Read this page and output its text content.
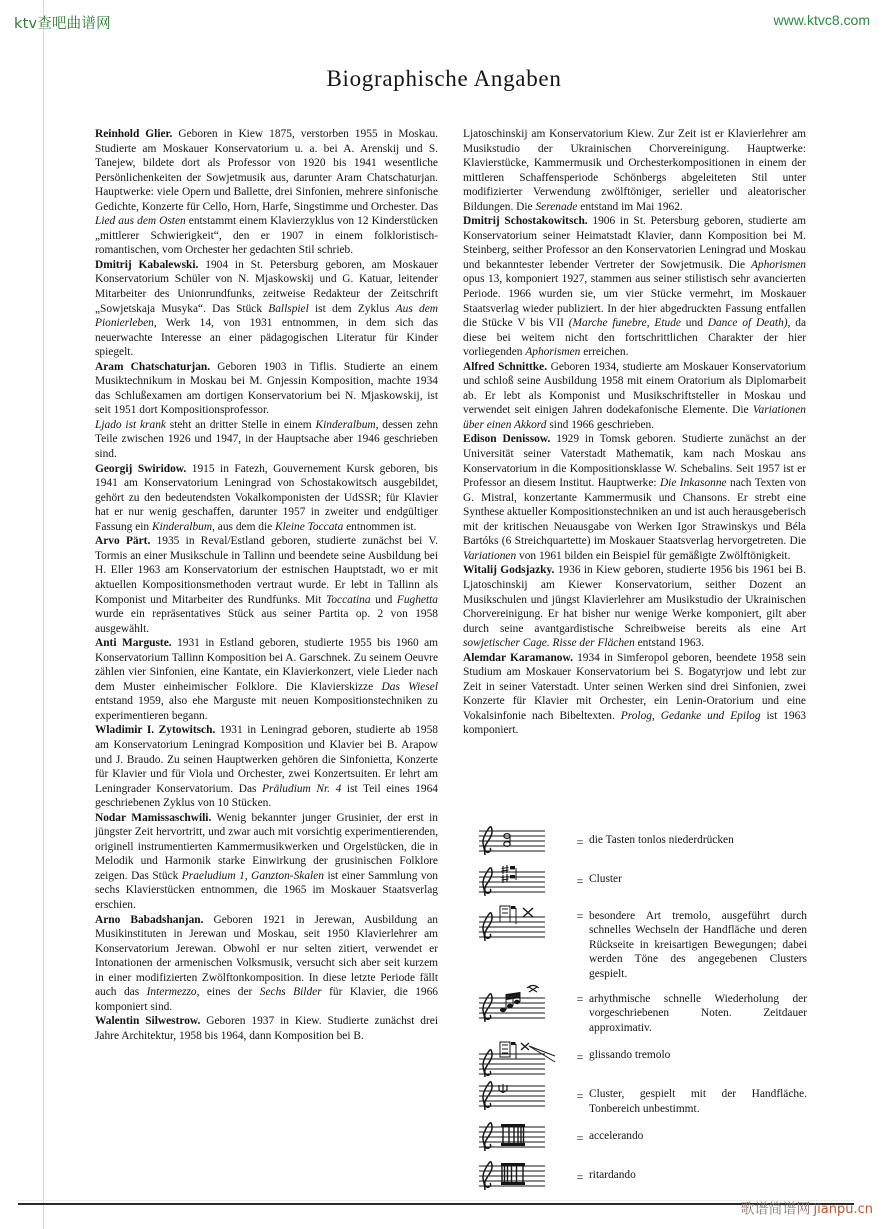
ktv查吧曲谱网	www.ktvc8.com
歌谱简谱网 jianpu.cn
Biographische Angaben

Reinhold Glier. Geboren in Kiew 1875, verstorben 1955 in Moskau. Studierte am Moskauer Konservatorium u. a. bei A. Arenskij und S. Tanejew, bildete dort als Professor von 1920 bis 1941 wesentliche Persönlichenkeiten der Sowjetmusik aus, darunter Aram Chatschaturjan. Hauptwerke: viele Opern und Ballette, drei Sinfonien, mehrere sinfonische Gedichte, Konzerte für Cello, Horn, Harfe, Singstimme und Orchester. Das Lied aus dem Osten entstammt einem Klavierzyklus von 12 Kinderstücken „mittlerer Schwierigkeit“, den er 1907 in einem folkloristisch-romantischen, vom Orchester her gedachten Stil schrieb.

Dmitrij Kabalewski. 1904 in St. Petersburg geboren, am Moskauer Konservatorium Schüler von N. Mjaskowskij und G. Katuar, leitender Mitarbeiter des Unionrundfunks, zeitweise Redakteur der Zeitschrift „Sowjetskaja Musyka“. Das Stück Ballspiel ist dem Zyklus Aus dem Pionierleben, Werk 14, von 1931 entnommen, in dem sich das neuerwachte Interesse an einer pädagogischen Literatur für Kinder spiegelt.

Aram Chatschaturjan. Geboren 1903 in Tiflis. Studierte an einem Musiktechnikum in Moskau bei M. Gnjessin Komposition, machte 1934 das Schlußexamen am dortigen Konservatorium bei N. Mjaskowskij, ist seit 1951 dort Kompositionsprofessor.

Ljado ist krank steht an dritter Stelle in einem Kinderalbum, dessen zehn Teile zwischen 1926 und 1947, in der Hauptsache aber 1946 geschrieben sind.

Georgij Swiridow. 1915 in Fatezh, Gouvernement Kursk geboren, bis 1941 am Konservatorium Leningrad von Schostakowitsch ausgebildet, gehört zu den bedeutendsten Vokalkomponisten der UdSSR; für Klavier hat er nur wenig geschaffen, darunter 1957 in zweiter und endgültiger Fassung ein Kinderalbum, aus dem die Kleine Toccata entnommen ist.

Arvo Pärt. 1935 in Reval/Estland geboren, studierte zunächst bei V. Tormis an einer Musikschule in Tallinn und beendete seine Ausbildung bei H. Eller 1963 am Konservatorium der estnischen Hauptstadt, wo er mit aktuellen Kompositionsmethoden vertraut wurde. Er lebt in Tallinn als Komponist und Mitarbeiter des Rundfunks. Mit Toccatina und Fughetta wurde ein repräsentatives Stück aus seiner Partita op. 2 von 1958 ausgewählt.

Anti Marguste. 1931 in Estland geboren, studierte 1955 bis 1960 am Konservatorium Tallinn Komposition bei A. Garschnek. Zu seinem Oeuvre zählen vier Sinfonien, eine Kantate, ein Klavierkonzert, viele Lieder nach dem Muster einheimischer Folklore. Die Klavierskizze Das Wiesel entstand 1959, also ehe Marguste mit neuen Kompositionstechniken zu experimentieren begann.

Wladimir I. Zytowitsch. 1931 in Leningrad geboren, studierte ab 1958 am Konservatorium Leningrad Komposition und Klavier bei B. Arapow und J. Braudo. Zu seinen Hauptwerken gehören die Sinfonietta, Konzerte für Klavier und für Viola und Orchester, zwei Konzertsuiten. Er lehrt am Leningrader Konservatorium. Das Präludium Nr. 4 ist Teil eines 1964 geschriebenen Zyklus von 10 Stücken.

Nodar Mamissaschwili. Wenig bekannter junger Grusinier, der erst in jüngster Zeit hervortritt, und zwar auch mit vorsichtig experimentierenden, originell instrumentierten Kammermusikwerken und Orgelstücken, die in Melodik und Harmonik starke Einwirkung der grusinischen Folklore zeigen. Das Stück Praeludium 1, Ganzton-Skalen ist einer Sammlung von sechs Klavierstücken entnommen, die 1965 im Moskauer Staatsverlag erschien.

Arno Babadshanjan. Geboren 1921 in Jerewan, Ausbildung an Musikinstituten in Jerewan und Moskau, seit 1950 Klavierlehrer am Konservatorium Jerewan. Obwohl er nur selten zitiert, verwendet er Intonationen der armenischen Volksmusik, versucht sich aber seit kurzem in einer modifizierten Zwölftonkomposition. In diese letzte Periode fällt auch das Intermezzo, eines der Sechs Bilder für Klavier, die 1966 komponiert sind.

Walentin Silwestrow. Geboren 1937 in Kiew. Studierte zunächst drei Jahre Architektur, 1958 bis 1964, dann Komposition bei B.

Ljatoschinskij am Konservatorium Kiew. Zur Zeit ist er Klavierlehrer am Musikstudio der Ukrainischen Chorvereinigung. Hauptwerke: Klavierstücke, Kammermusik und Orchesterkompositionen in einem der mittleren Schaffensperiode Schönbergs abgeleiteten Stil unter modifizierter Verwendung zwölftöniger, serieller und aleatorischer Bildungen. Die Serenade entstand im Mai 1962.

Dmitrij Schostakowitsch. 1906 in St. Petersburg geboren, studierte am Konservatorium seiner Heimatstadt Klavier, dann Komposition bei M. Steinberg, seither Professor an den Konservatorien Leningrad und Moskau und bekanntester lebender Vertreter der Sowjetmusik. Die Aphorismen opus 13, komponiert 1927, stammen aus seiner stilistisch sehr avancierten Periode. 1966 wurden sie, um vier Stücke vermehrt, im Moskauer Staatsverlag wieder publiziert. In der hier abgedruckten Fassung entfallen die Stücke V bis VII (Marche funebre, Etude und Dance of Death), da diese bei weitem nicht den fortschrittlichen Charakter der hier vorliegenden Aphorismen erreichen.

Alfred Schnittke. Geboren 1934, studierte am Moskauer Konservatorium und schloß seine Ausbildung 1958 mit einem Oratorium als Diplomarbeit ab. Er lebt als Komponist und Musikschriftsteller in Moskau und verwendet seit einigen Jahren dodekafonische Elemente. Die Variationen über einen Akkord sind 1966 geschrieben.

Edison Denissow. 1929 in Tomsk geboren. Studierte zunächst an der Universität seiner Vaterstadt Mathematik, kam nach Moskau ans Konservatorium in die Kompositionsklasse W. Schebalins. Seit 1957 ist er Professor an diesem Institut. Hauptwerke: Die Inkasonne nach Texten von G. Mistral, konzertante Kammermusik und Chansons. Er strebt eine Synthese aktueller Kompositionstechniken an und ist auch herausgeberisch mit der kritischen Neuausgabe von Werken Igor Strawinskys und Béla Bartóks (6 Streichquartette) im Moskauer Staatsverlag hervorgetreten. Die Variationen von 1961 bilden ein Beispiel für gemäßigte Zwölftönigkeit.

Witalij Godsjazky. 1936 in Kiew geboren, studierte 1956 bis 1961 bei B. Ljatoschinskij am Kiewer Konservatorium, seither Dozent an Musikschulen und jüngst Klavierlehrer am Musikstudio der Ukrainischen Chorvereinigung. Er hat bisher nur wenige Werke komponiert, gilt aber durch seine avantgardistische Schreibweise bereits als eine Art sowjetischer Cage. Risse der Flächen entstand 1963.

Alemdar Karamanow. 1934 in Simferopol geboren, beendete 1958 sein Studium am Moskauer Konservatorium bei S. Bogatyrjow und lebt zur Zeit in seiner Vaterstadt. Unter seinen Werken sind drei Sinfonien, zwei Konzerte für Klavier mit Orchester, ein Lenin-Oratorium und eine Vokalsinfonie nach Bibeltexten. Prolog, Gedanke und Epilog ist 1963 komponiert.

= die Tasten tonlos niederdrücken
= Cluster
= besondere Art tremolo, ausgeführt durch schnelles Wechseln der Handfläche und deren Rückseite in kreisartigen Bewegungen; dabei werden Töne des angegebenen Clusters gespielt.
= arhythmische schnelle Wiederholung der vorgeschriebenen Noten. Zeitdauer approximativ.
= glissando tremolo
= Cluster, gespielt mit der Handfläche. Tonbereich unbestimmt.
= accelerando
= ritardando
